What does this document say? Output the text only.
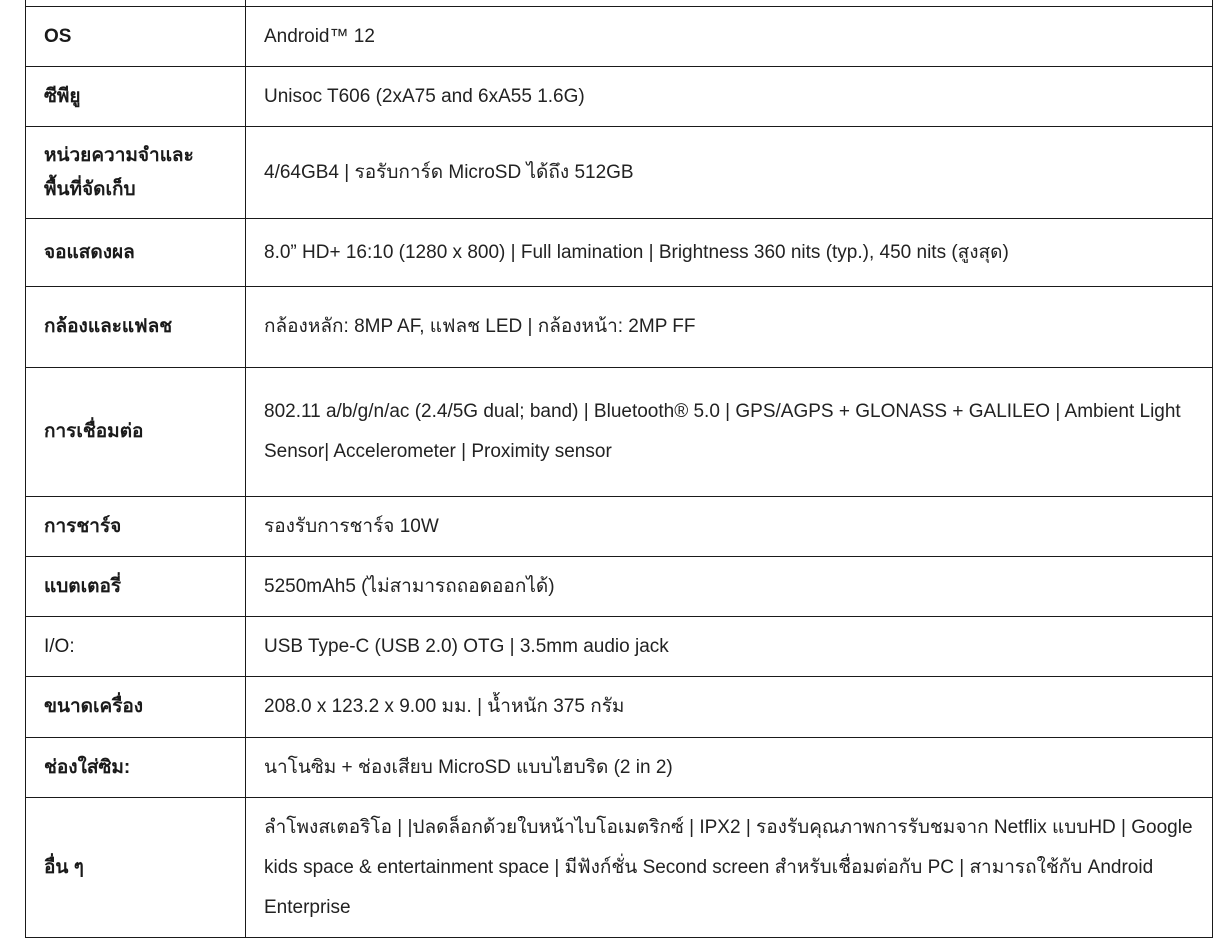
OS	Android™ 12
ซีพียู	Unisoc T606 (2xA75 and 6xA55 1.6G)
หน่วยความจำและพื้นที่จัดเก็บ	4/64GB4 | รอรับการ์ด MicroSD ได้ถึง 512GB
จอแสดงผล	8.0” HD+ 16:10 (1280 x 800) | Full lamination | Brightness 360 nits (typ.), 450 nits (สูงสุด)
กล้องและแฟลช	กล้องหลัก: 8MP AF, แฟลช LED | กล้องหน้า: 2MP FF
การเชื่อมต่อ	802.11 a/b/g/n/ac (2.4/5G dual; band) | Bluetooth® 5.0 | GPS/AGPS + GLONASS + GALILEO | Ambient Light Sensor| Accelerometer | Proximity sensor
การชาร์จ	รองรับการชาร์จ 10W
แบตเตอรี่	5250mAh5 (ไม่สามารถถอดออกได้)
I/O:	USB Type-C (USB 2.0) OTG | 3.5mm audio jack
ขนาดเครื่อง	208.0 x 123.2 x 9.00 มม. | น้ำหนัก 375 กรัม
ช่องใส่ซิม:	นาโนซิม + ช่องเสียบ MicroSD แบบไฮบริด (2 in 2)
อื่น ๆ	ลำโพงสเตอริโอ | |ปลดล็อกด้วยใบหน้าไบโอเมตริกซ์ | IPX2 | รองรับคุณภาพการรับชมจาก Netflix แบบHD | Google kids space & entertainment space | มีฟังก์ชั่น Second screen สำหรับเชื่อมต่อกับ PC | สามารถใช้กับ Android Enterprise
